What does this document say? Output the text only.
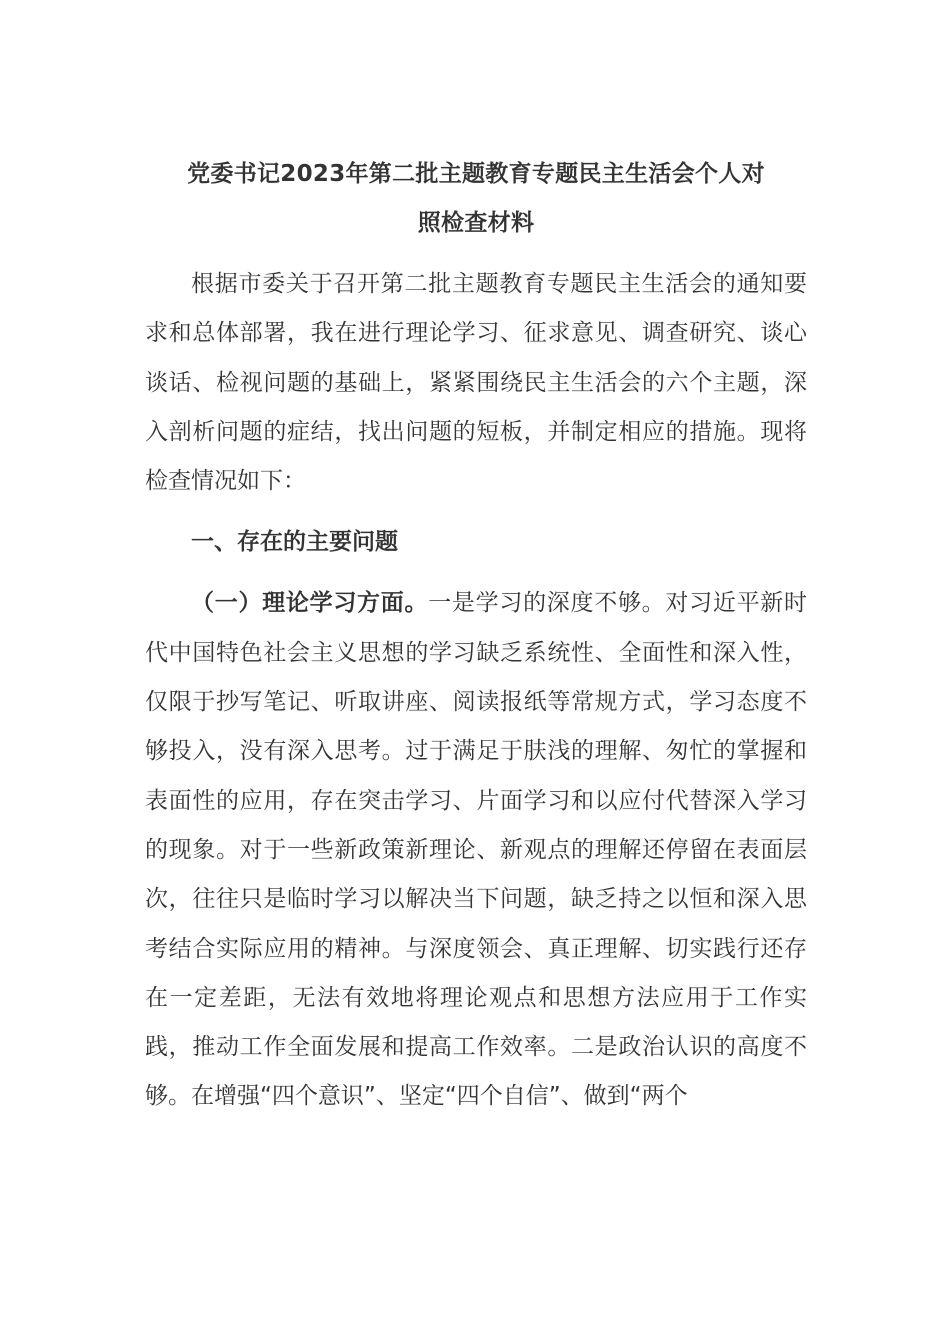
党委书记2023年第二批主题教育专题民主生活会个人对
照检查材料

根据市委关于召开第二批主题教育专题民主生活会的通知要求和总体部署，我在进行理论学习、征求意见、调查研究、谈心谈话、检视问题的基础上，紧紧围绕民主生活会的六个主题，深入剖析问题的症结，找出问题的短板，并制定相应的措施。现将检查情况如下：

一、存在的主要问题

（一）理论学习方面。一是学习的深度不够。对习近平新时代中国特色社会主义思想的学习缺乏系统性、全面性和深入性，仅限于抄写笔记、听取讲座、阅读报纸等常规方式，学习态度不够投入，没有深入思考。过于满足于肤浅的理解、匆忙的掌握和表面性的应用，存在突击学习、片面学习和以应付代替深入学习的现象。对于一些新政策新理论、新观点的理解还停留在表面层次，往往只是临时学习以解决当下问题，缺乏持之以恒和深入思考结合实际应用的精神。与深度领会、真正理解、切实践行还存在一定差距，无法有效地将理论观点和思想方法应用于工作实践，推动工作全面发展和提高工作效率。二是政治认识的高度不够。在增强“四个意识”、坚定“四个自信”、做到“两个
